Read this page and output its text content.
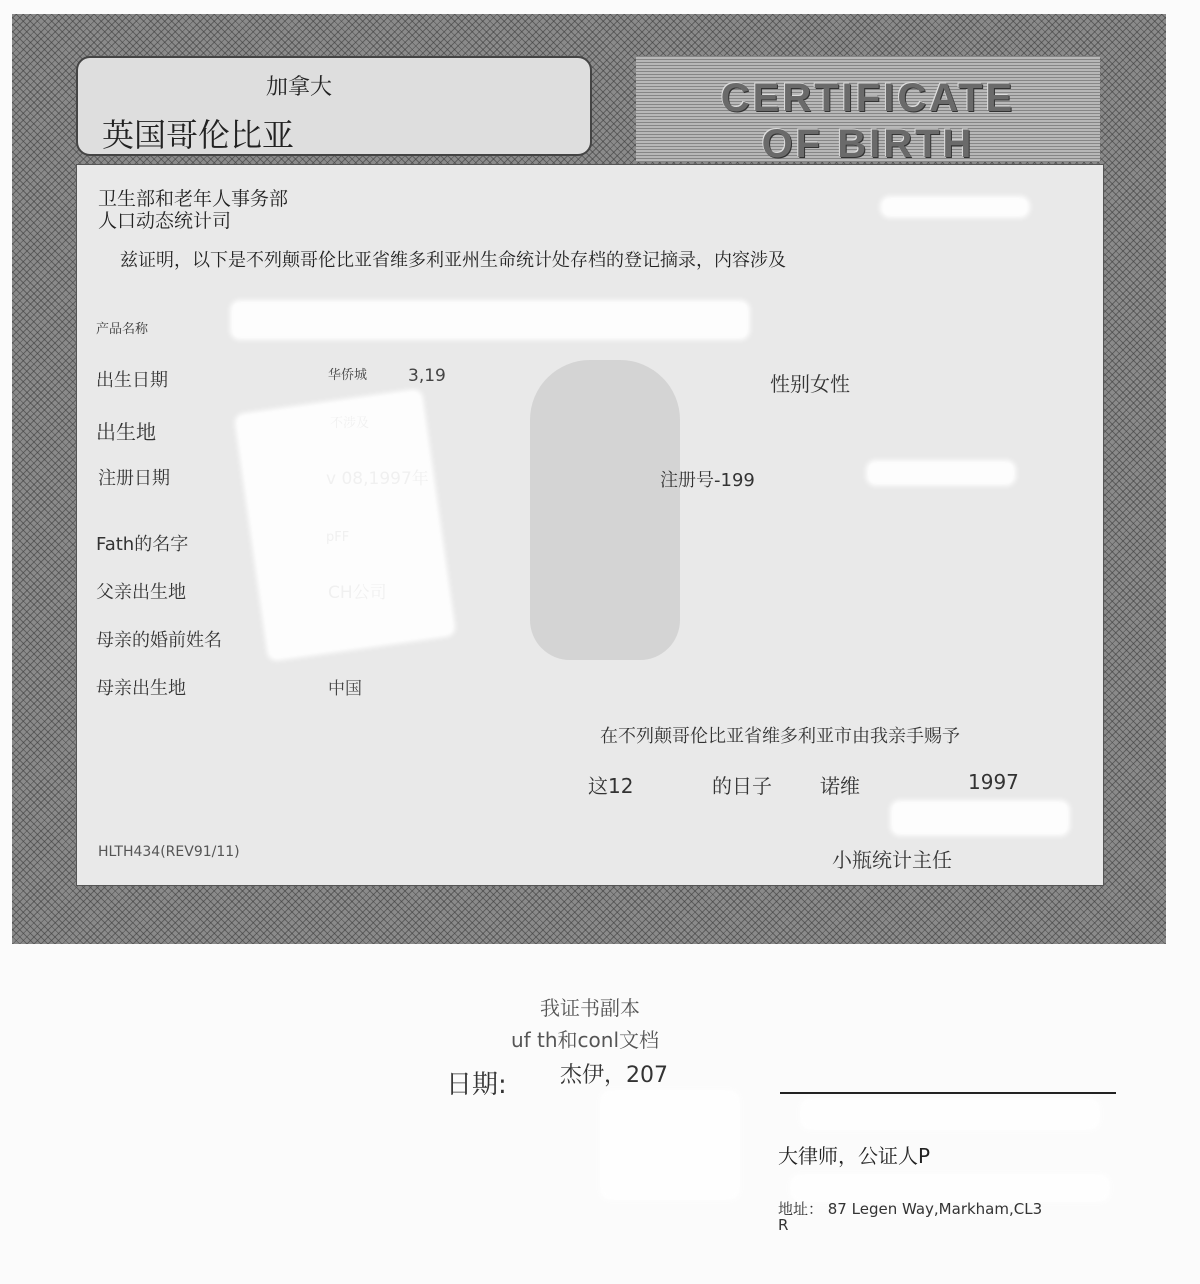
加拿大
英国哥伦比亚
CERTIFICATE
OF BIRTH
卫生部和老年人事务部
人口动态统计司
兹证明，以下是不列颠哥伦比亚省维多利亚州生命统计处存档的登记摘录，内容涉及
产品名称
出生日期	华侨城 3,19	性别女性
出生地
注册日期	注册号-199
Fath的名字
父亲出生地
母亲的婚前姓名
母亲出生地	中国
在不列颠哥伦比亚省维多利亚市由我亲手赐予
这12	的日子 诺维	1997
小瓶统计主任
HLTH434(REV91/11)
我证书副本
uf th和conl文档
日期: 杰伊，207
大律师，公证人P
地址： 87 Legen Way,Markham,CL3
R
